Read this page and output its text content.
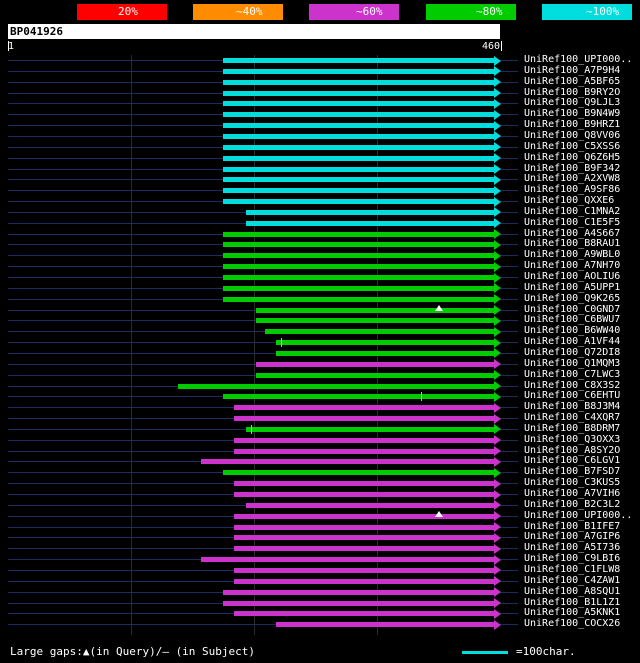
20%	~40%	~60%	~80%	~100%
BP041926
1	460
UniRef100_UPI000..
UniRef100_A7P9H4
UniRef100_A5BF65
UniRef100_B9RY2O
UniRef100_Q9LJL3
UniRef100_B9N4W9
UniRef100_B9HRZ1
UniRef100_Q8VV06
UniRef100_C5XSS6
UniRef100_Q6Z6H5
UniRef100_B9F342
UniRef100_A2XVW8
UniRef100_A9SF86
UniRef100_QXXE6
UniRef100_C1MNA2
UniRef100_C1E5F5
UniRef100_A4S667
UniRef100_B8RAU1
UniRef100_A9WBL0
UniRef100_A7NH70
UniRef100_AOLIU6
UniRef100_A5UPP1
UniRef100_Q9K265
UniRef100_C0GND7
UniRef100_C6BWU7
UniRef100_B6WW40
UniRef100_A1VF44
UniRef100_Q72DI8
UniRef100_Q1MQM3
UniRef100_C7LWC3
UniRef100_C8X3S2
UniRef100_C6EHTU
UniRef100_B8J3M4
UniRef100_C4XQR7
UniRef100_B8DRM7
UniRef100_Q3OXX3
UniRef100_A8SY2O
UniRef100_C6LGV1
UniRef100_B7FSD7
UniRef100_C3KUS5
UniRef100_A7VIH6
UniRef100_B2C3L2
UniRef100_UPI000..
UniRef100_B1IFE7
UniRef100_A7GIP6
UniRef100_A5I736
UniRef100_C9LBI6
UniRef100_C1FLW8
UniRef100_C4ZAW1
UniRef100_A8SQU1
UniRef100_B1L1Z1
UniRef100_A5KNK1
UniRef100_COCX26
Large gaps:▲(in Query)/– (in Subject)	=100char.
